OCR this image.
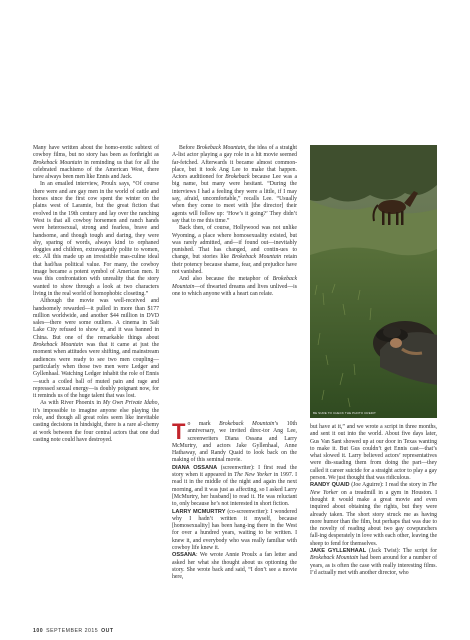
Many have written about the homo-erotic subtext of cowboy films, but no story has been as forthright as Brokeback Mountain in reminding us that for all the celebrated machismo of the American West, there have always been men like Ennis and Jack.

In an emailed interview, Proulx says, “Of course there were and are gay men in the world of cattle and horses since the first cow spent the winter on the plains west of Laramie, but the great fiction that evolved in the 19th century and lay over the ranching West is that all cowboy horsemen and ranch hands were heterosexual, strong and fearless, brave and handsome, and though tough and daring, they were shy, sparing of words, always kind to orphaned doggies and children, extravagantly polite to women, etc. All this made up an irresistible mas-culine ideal that had/has political value. For many, the cowboy image became a potent symbol of American men. It was this confrontation with unreality that the story wanted to show through a look at two characters living in the real world of homophobic closeting.”

Although the movie was well-received and handsomely rewarded—it pulled in more than $177 million worldwide, and another $44 million in DVD sales—there were some outliers. A cinema in Salt Lake City refused to show it, and it was banned in China. But one of the remarkable things about Brokeback Mountain was that it came at just the moment when attitudes were shifting, and mainstream audiences were ready to see two men coupling—particularly when those two men were Ledger and Gyllenhaal. Watching Ledger inhabit the role of Ennis—such a coiled ball of muted pain and rage and repressed sexual energy—is doubly poignant now, for it reminds us of the huge talent that was lost.

As with River Phoenix in My Own Private Idaho, it’s impossible to imagine anyone else playing the role, and though all great roles seem like inevitable casting decisions in hindsight, there is a rare al-chemy at work between the four central actors that one dud casting note could have destroyed.

Before Brokeback Mountain, the idea of a straight A-list actor playing a gay role in a hit movie seemed far-fetched. Afterwards it became almost common-place, but it took Ang Lee to make that happen. Actors auditioned for Brokeback because Lee was a big name, but many were hesitant. “During the interviews I had a feeling they were a little, if I may say, afraid, uncomfortable,” recalls Lee. “Usually when they come to meet with [the director] their agents will follow up: ‘How’s it going?’ They didn’t say that to me this time.”

Back then, of course, Hollywood was not unlike Wyoming, a place where homosexuality existed, but was rarely admitted, and—if found out—inevitably punished. That has changed, and contin-ues to change, but stories like Brokeback Mountain retain their potency because shame, fear, and prejudice have not vanished.

And also because the metaphor of Brokeback Mountain—of thwarted dreams and lives unlived—is one to which anyone with a heart can relate.

To mark Brokeback Mountain’s 10th anniversary, we invited direc-tor Ang Lee, screenwriters Diana Ossana and Larry McMurtry, and actors Jake Gyllenhaal, Anne Hathaway, and Randy Quaid to look back on the making of this seminal movie.

DIANA OSSANA (screenwriter): I first read the story when it appeared in The New Yorker in 1997. I read it in the middle of the night and again the next morning, and it was just as affecting, so I asked Larry [McMurtry, her husband] to read it. He was reluctant to, only because he’s not interested in short fiction.

LARRY MCMURTRY (co-screenwriter): I wondered why I hadn’t written it myself, because [homosexuality] has been hang-ing there in the West for over a hundred years, waiting to be written. I knew it, and everybody who was really familiar with cowboy life knew it.

OSSANA: We wrote Annie Proulx a fan letter and asked her what she thought about us optioning the story. She wrote back and said, “I don’t see a movie here,

BE SURE TO CHECK THE PHOTO CREDIT

but have at it,” and we wrote a script in three months, and sent it out into the world. About five days later, Gus Van Sant showed up at our door in Texas wanting to make it. But Gus couldn’t get Ennis cast—that’s what slowed it. Larry believed actors’ representatives were dis-suading them from doing the part—they called it career suicide for a straight actor to play a gay person. We just thought that was ridiculous.

RANDY QUAID (Joe Aguirre): I read the story in The New Yorker on a treadmill in a gym in Houston. I thought it would make a great movie and even inquired about obtaining the rights, but they were already taken. The short story struck me as having more humor than the film, but perhaps that was due to the novelty of reading about two gay cowpunchers fall-ing desperately in love with each other, leaving the sheep to fend for themselves.

JAKE GYLLENHAAL (Jack Twist): The script for Brokeback Mountain had been around for a number of years, as is often the case with really interesting films. I’d actually met with another director, who

100 SEPTEMBER 2015 OUT
